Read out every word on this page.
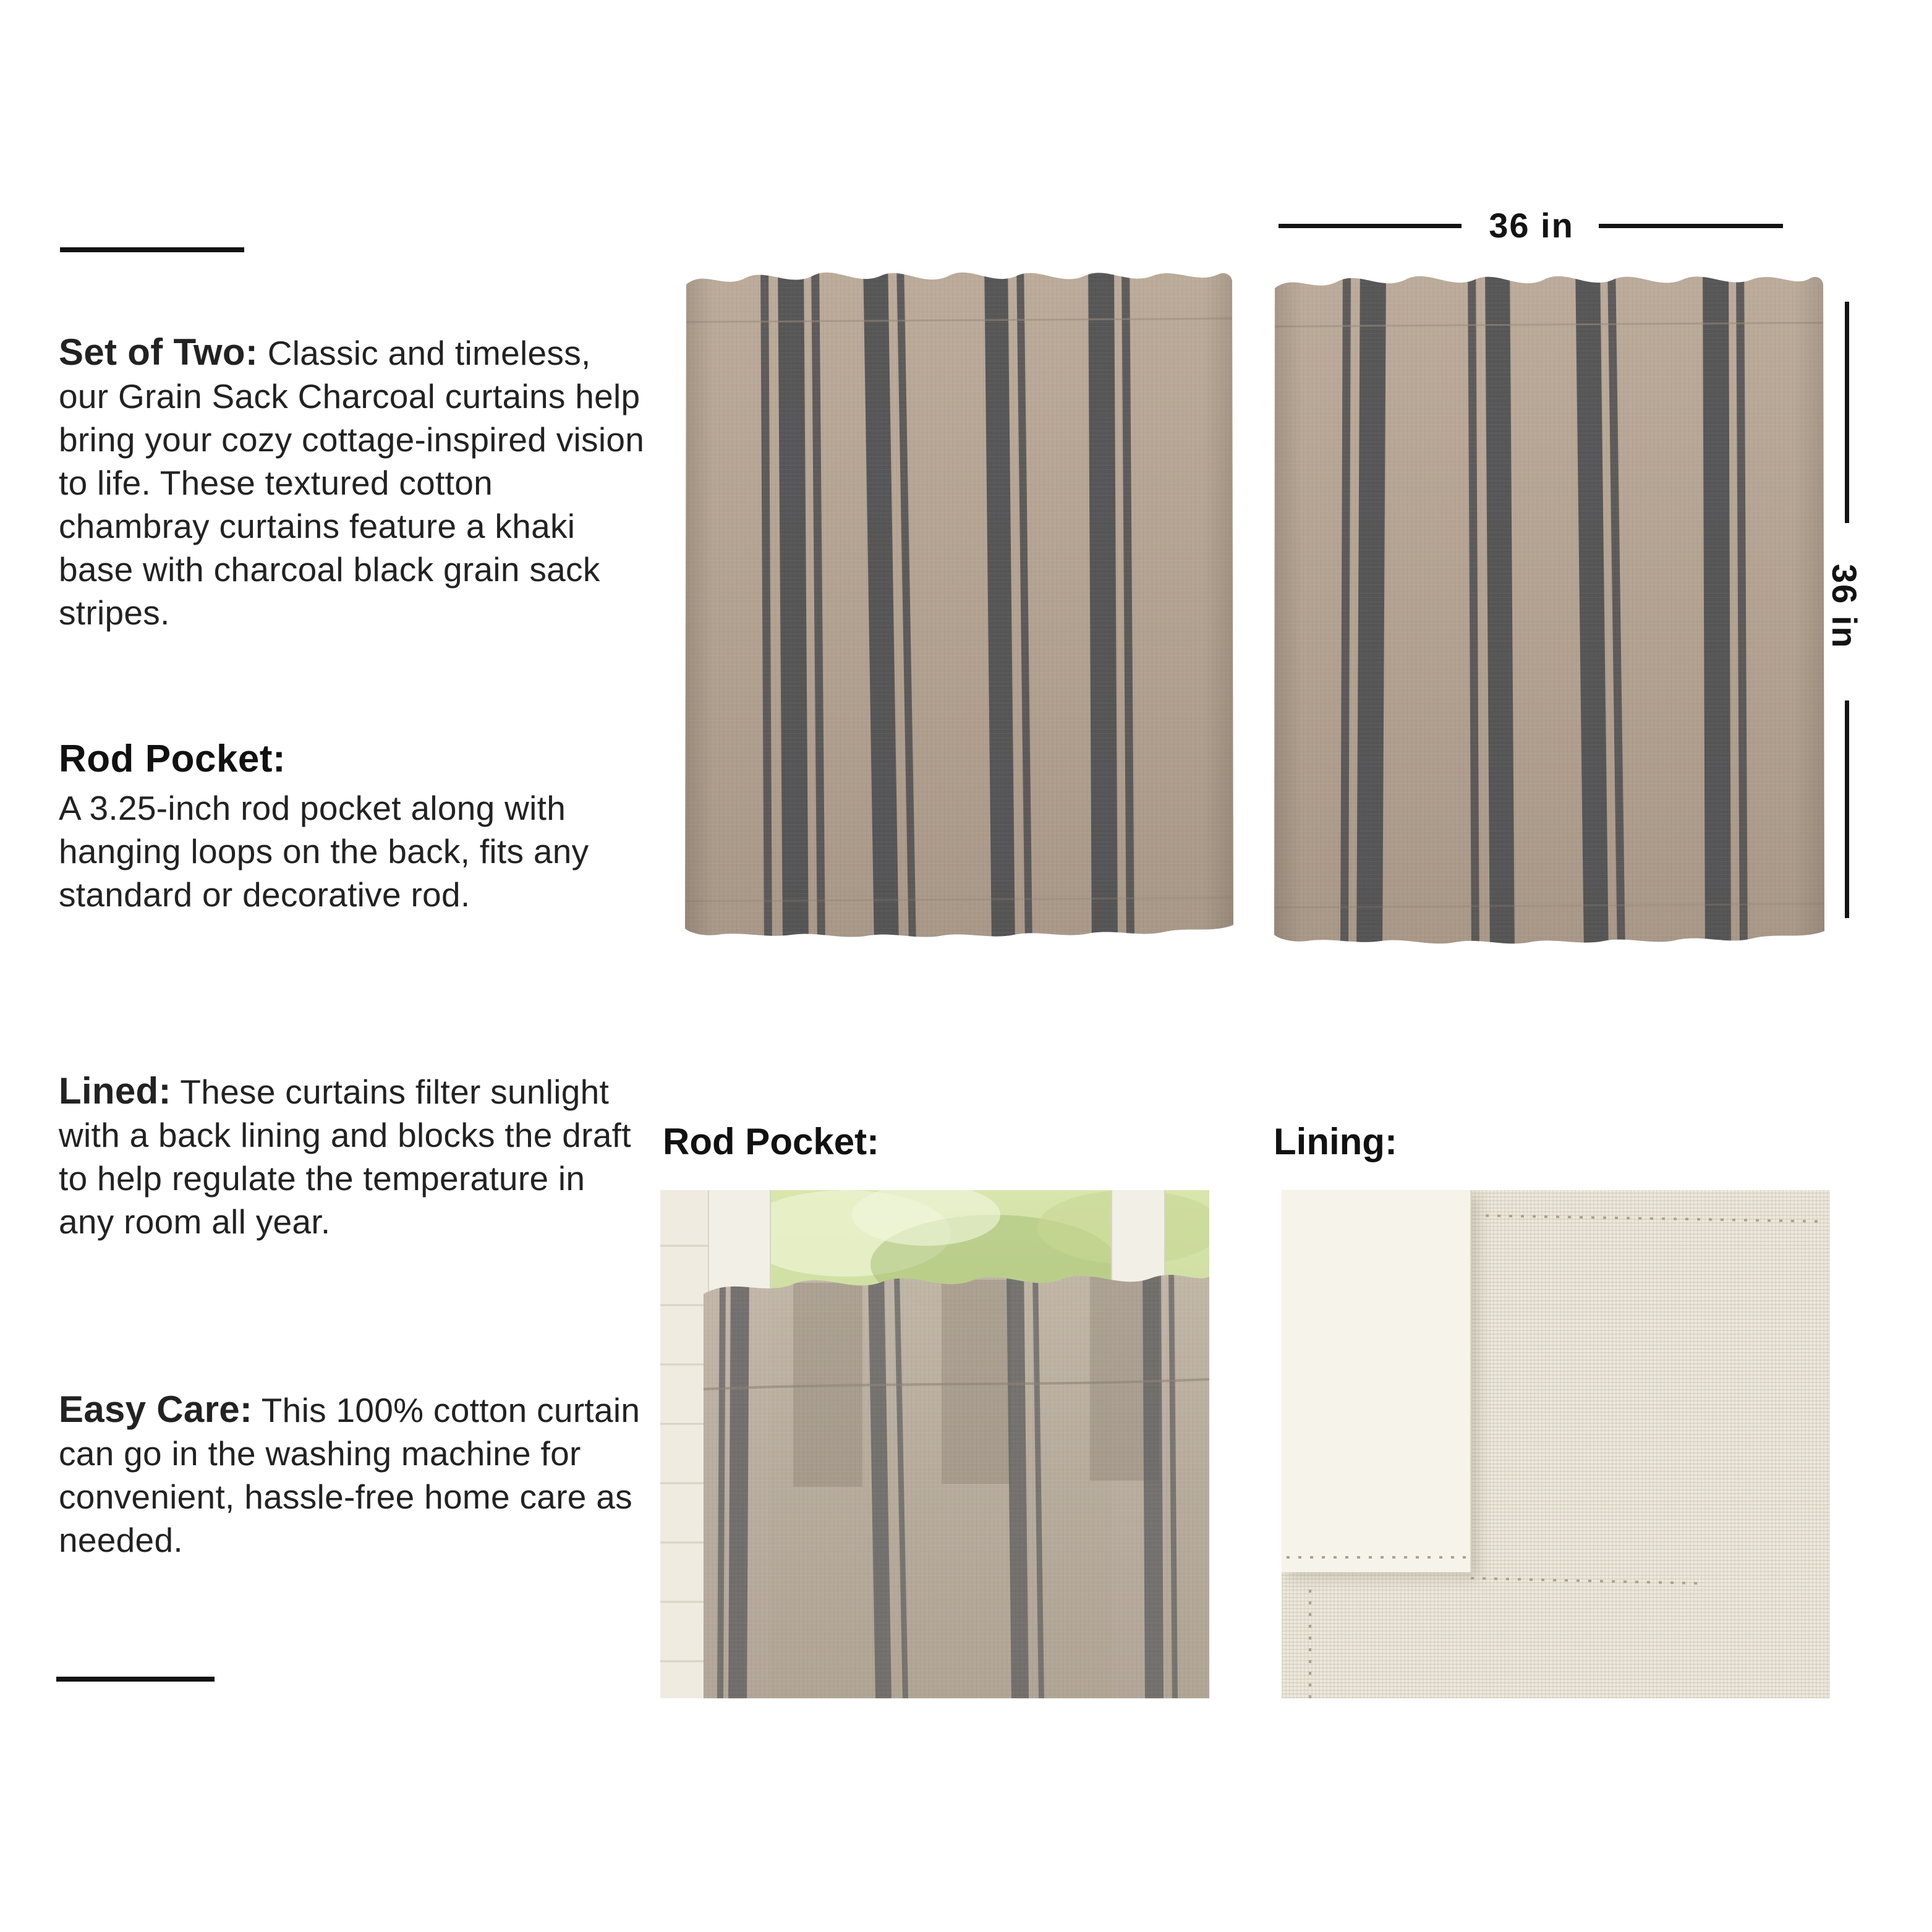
Set of Two: Classic and timeless, our Grain Sack Charcoal curtains help bring your cozy cottage-inspired vision to life. These textured cotton chambray curtains feature a khaki base with charcoal black grain sack stripes.

Rod Pocket:

A 3.25-inch rod pocket along with hanging loops on the back, fits any standard or decorative rod.

Lined: These curtains filter sunlight with a back lining and blocks the draft to help regulate the temperature in any room all year.

Easy Care: This 100% cotton curtain can go in the washing machine for convenient, hassle-free home care as needed.

36 in
36 in
Rod Pocket:	Lining:
